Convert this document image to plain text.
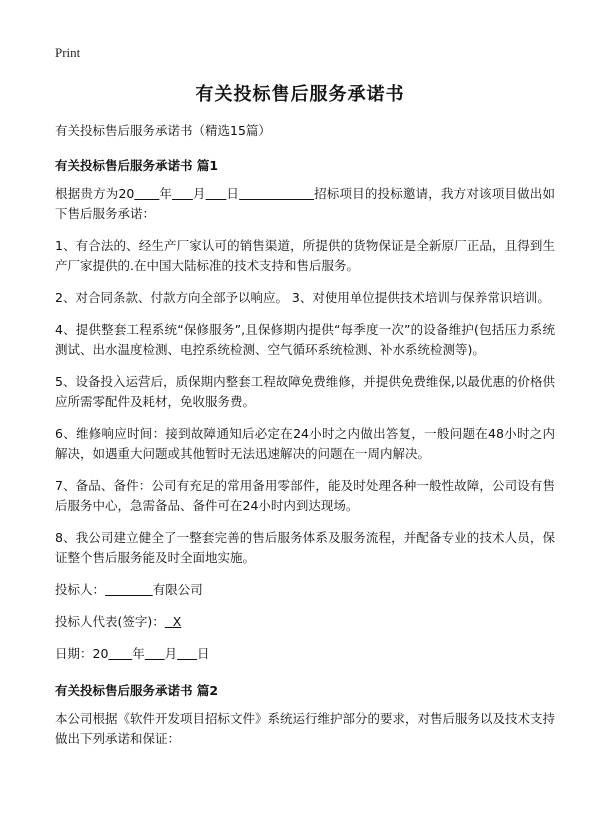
Print
有关投标售后服务承诺书

有关投标售后服务承诺书（精选15篇）

有关投标售后服务承诺书 篇1

根据贵方为20 年 月 日	招标项目的投标邀请，我方对该项目做出如下售后服务承诺：

1、有合法的、经生产厂家认可的销售渠道，所提供的货物保证是全新原厂正品，且得到生产厂家提供的.在中国大陆标准的技术支持和售后服务。

2、对合同条款、付款方向全部予以响应。 3、对使用单位提供技术培训与保养常识培训。

4、提供整套工程系统“保修服务”,且保修期内提供“每季度一次”的设备维护(包括压力系统测试、出水温度检测、电控系统检测、空气循环系统检测、补水系统检测等)。

5、设备投入运营后，质保期内整套工程故障免费维修，并提供免费维保,以最优惠的价格供应所需零配件及耗材，免收服务费。

6、维修响应时间：接到故障通知后必定在24小时之内做出答复，一般问题在48小时之内解决，如遇重大问题或其他暂时无法迅速解决的问题在一周内解决。

7、备品、备件：公司有充足的常用备用零部件，能及时处理各种一般性故障，公司设有售后服务中心，急需备品、备件可在24小时内到达现场。

8、我公司建立健全了一整套完善的售后服务体系及服务流程，并配备专业的技术人员，保证整个售后服务能及时全面地实施。

投标人：	有限公司

投标人代表(签字)： X

日期：20 年 月 日

有关投标售后服务承诺书 篇2

本公司根据《软件开发项目招标文件》系统运行维护部分的要求，对售后服务以及技术支持做出下列承诺和保证：
